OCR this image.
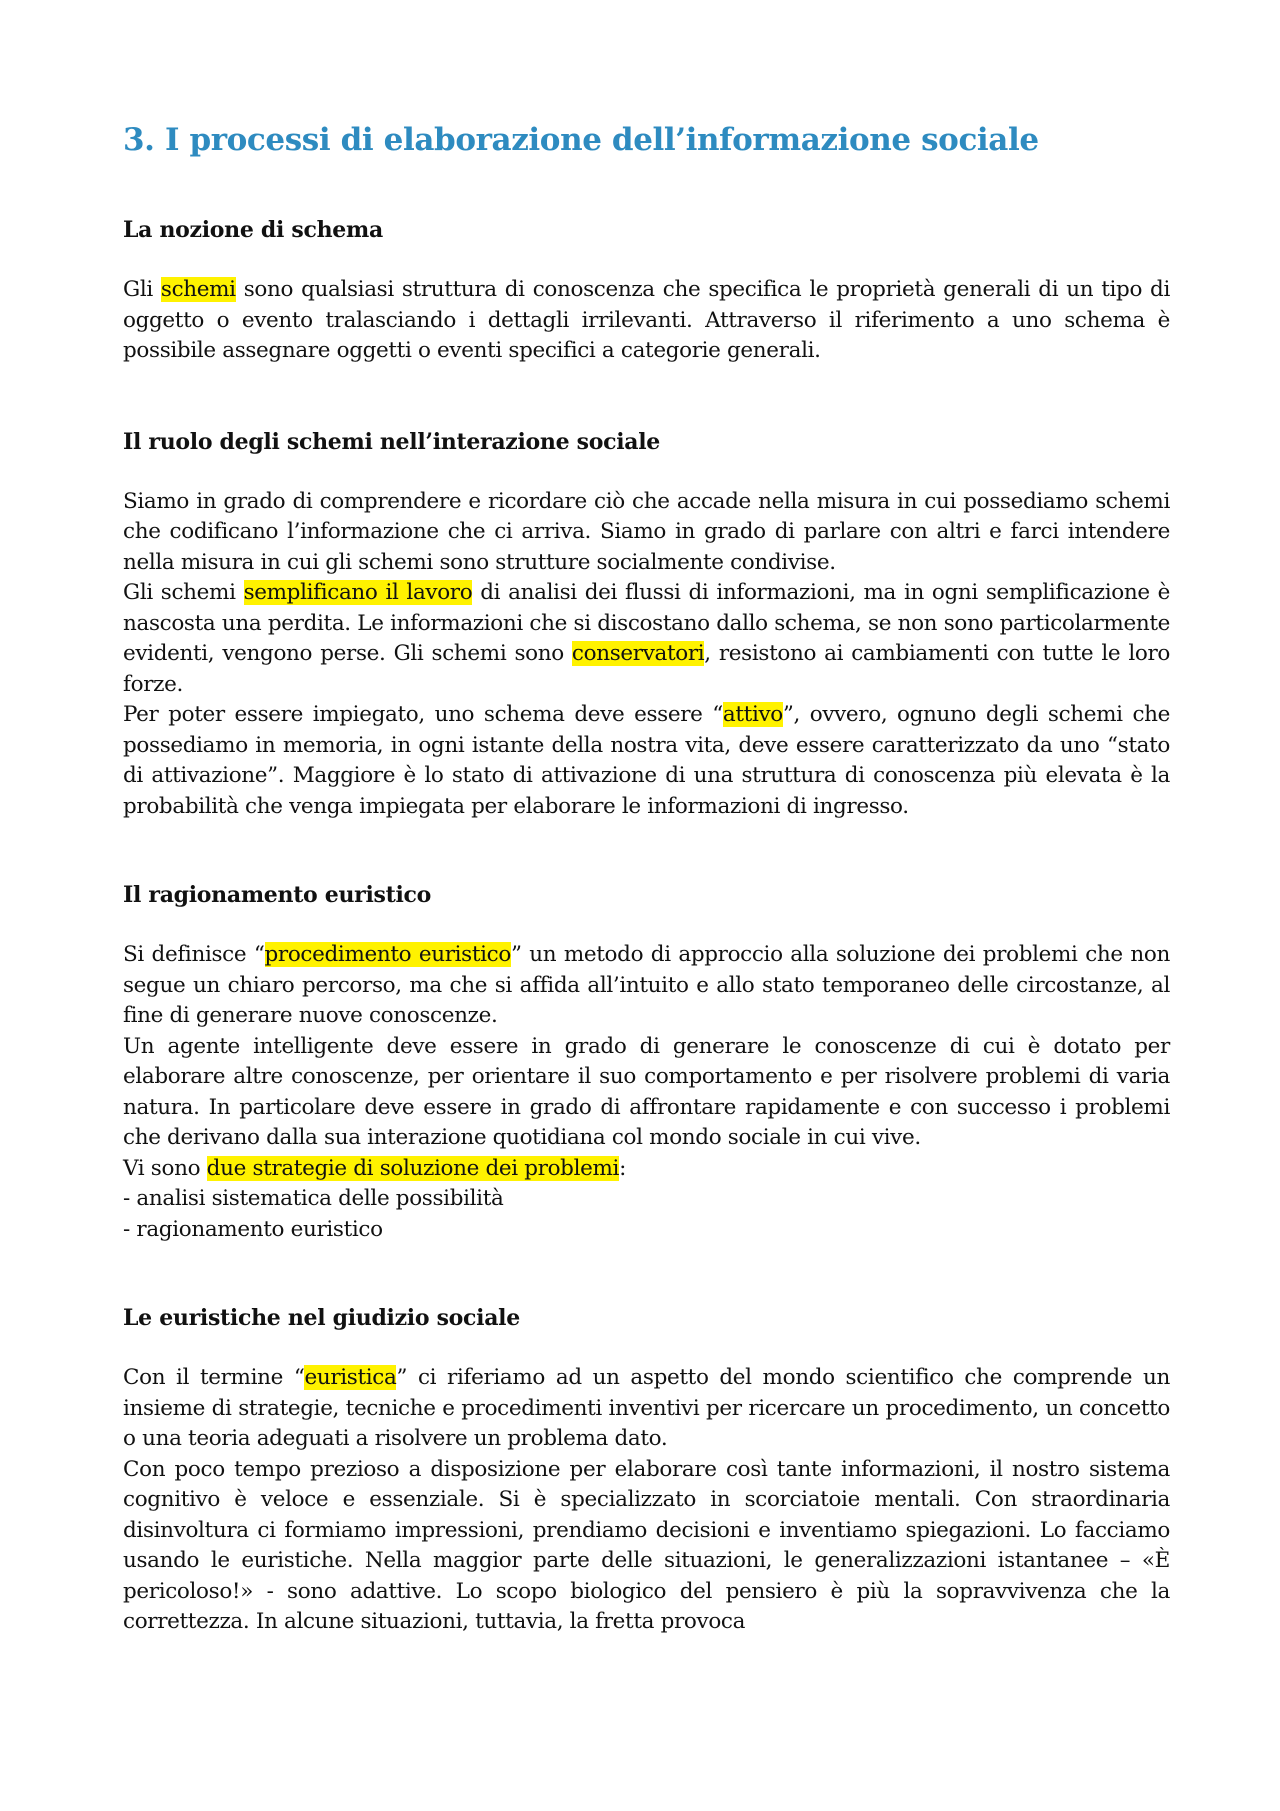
3. I processi di elaborazione dell’informazione sociale
La nozione di schema

Gli schemi sono qualsiasi struttura di conoscenza che specifica le proprietà generali di un tipo di oggetto o evento tralasciando i dettagli irrilevanti. Attraverso il riferimento a uno schema è possibile assegnare oggetti o eventi specifici a categorie generali.

Il ruolo degli schemi nell’interazione sociale

Siamo in grado di comprendere e ricordare ciò che accade nella misura in cui possediamo schemi che codificano l’informazione che ci arriva. Siamo in grado di parlare con altri e farci intendere nella misura in cui gli schemi sono strutture socialmente condivise.

Gli schemi semplificano il lavoro di analisi dei flussi di informazioni, ma in ogni semplificazione è nascosta una perdita. Le informazioni che si discostano dallo schema, se non sono particolarmente evidenti, vengono perse. Gli schemi sono conservatori, resistono ai cambiamenti con tutte le loro forze.

Per poter essere impiegato, uno schema deve essere “attivo”, ovvero, ognuno degli schemi che possediamo in memoria, in ogni istante della nostra vita, deve essere caratterizzato da uno “stato di attivazione”. Maggiore è lo stato di attivazione di una struttura di conoscenza più elevata è la probabilità che venga impiegata per elaborare le informazioni di ingresso.

Il ragionamento euristico

Si definisce “procedimento euristico” un metodo di approccio alla soluzione dei problemi che non segue un chiaro percorso, ma che si affida all’intuito e allo stato temporaneo delle circostanze, al fine di generare nuove conoscenze.

Un agente intelligente deve essere in grado di generare le conoscenze di cui è dotato per elaborare altre conoscenze, per orientare il suo comportamento e per risolvere problemi di varia natura. In particolare deve essere in grado di affrontare rapidamente e con successo i problemi che derivano dalla sua interazione quotidiana col mondo sociale in cui vive.

Vi sono due strategie di soluzione dei problemi:

- analisi sistematica delle possibilità

- ragionamento euristico

Le euristiche nel giudizio sociale

Con il termine “euristica” ci riferiamo ad un aspetto del mondo scientifico che comprende un insieme di strategie, tecniche e procedimenti inventivi per ricercare un procedimento, un concetto o una teoria adeguati a risolvere un problema dato.

Con poco tempo prezioso a disposizione per elaborare così tante informazioni, il nostro sistema cognitivo è veloce e essenziale. Si è specializzato in scorciatoie mentali. Con straordinaria disinvoltura ci formiamo impressioni, prendiamo decisioni e inventiamo spiegazioni. Lo facciamo usando le euristiche. Nella maggior parte delle situazioni, le generalizzazioni istantanee – «È pericoloso!» - sono adattive. Lo scopo biologico del pensiero è più la sopravvivenza che la correttezza. In alcune situazioni, tuttavia, la fretta provoca
